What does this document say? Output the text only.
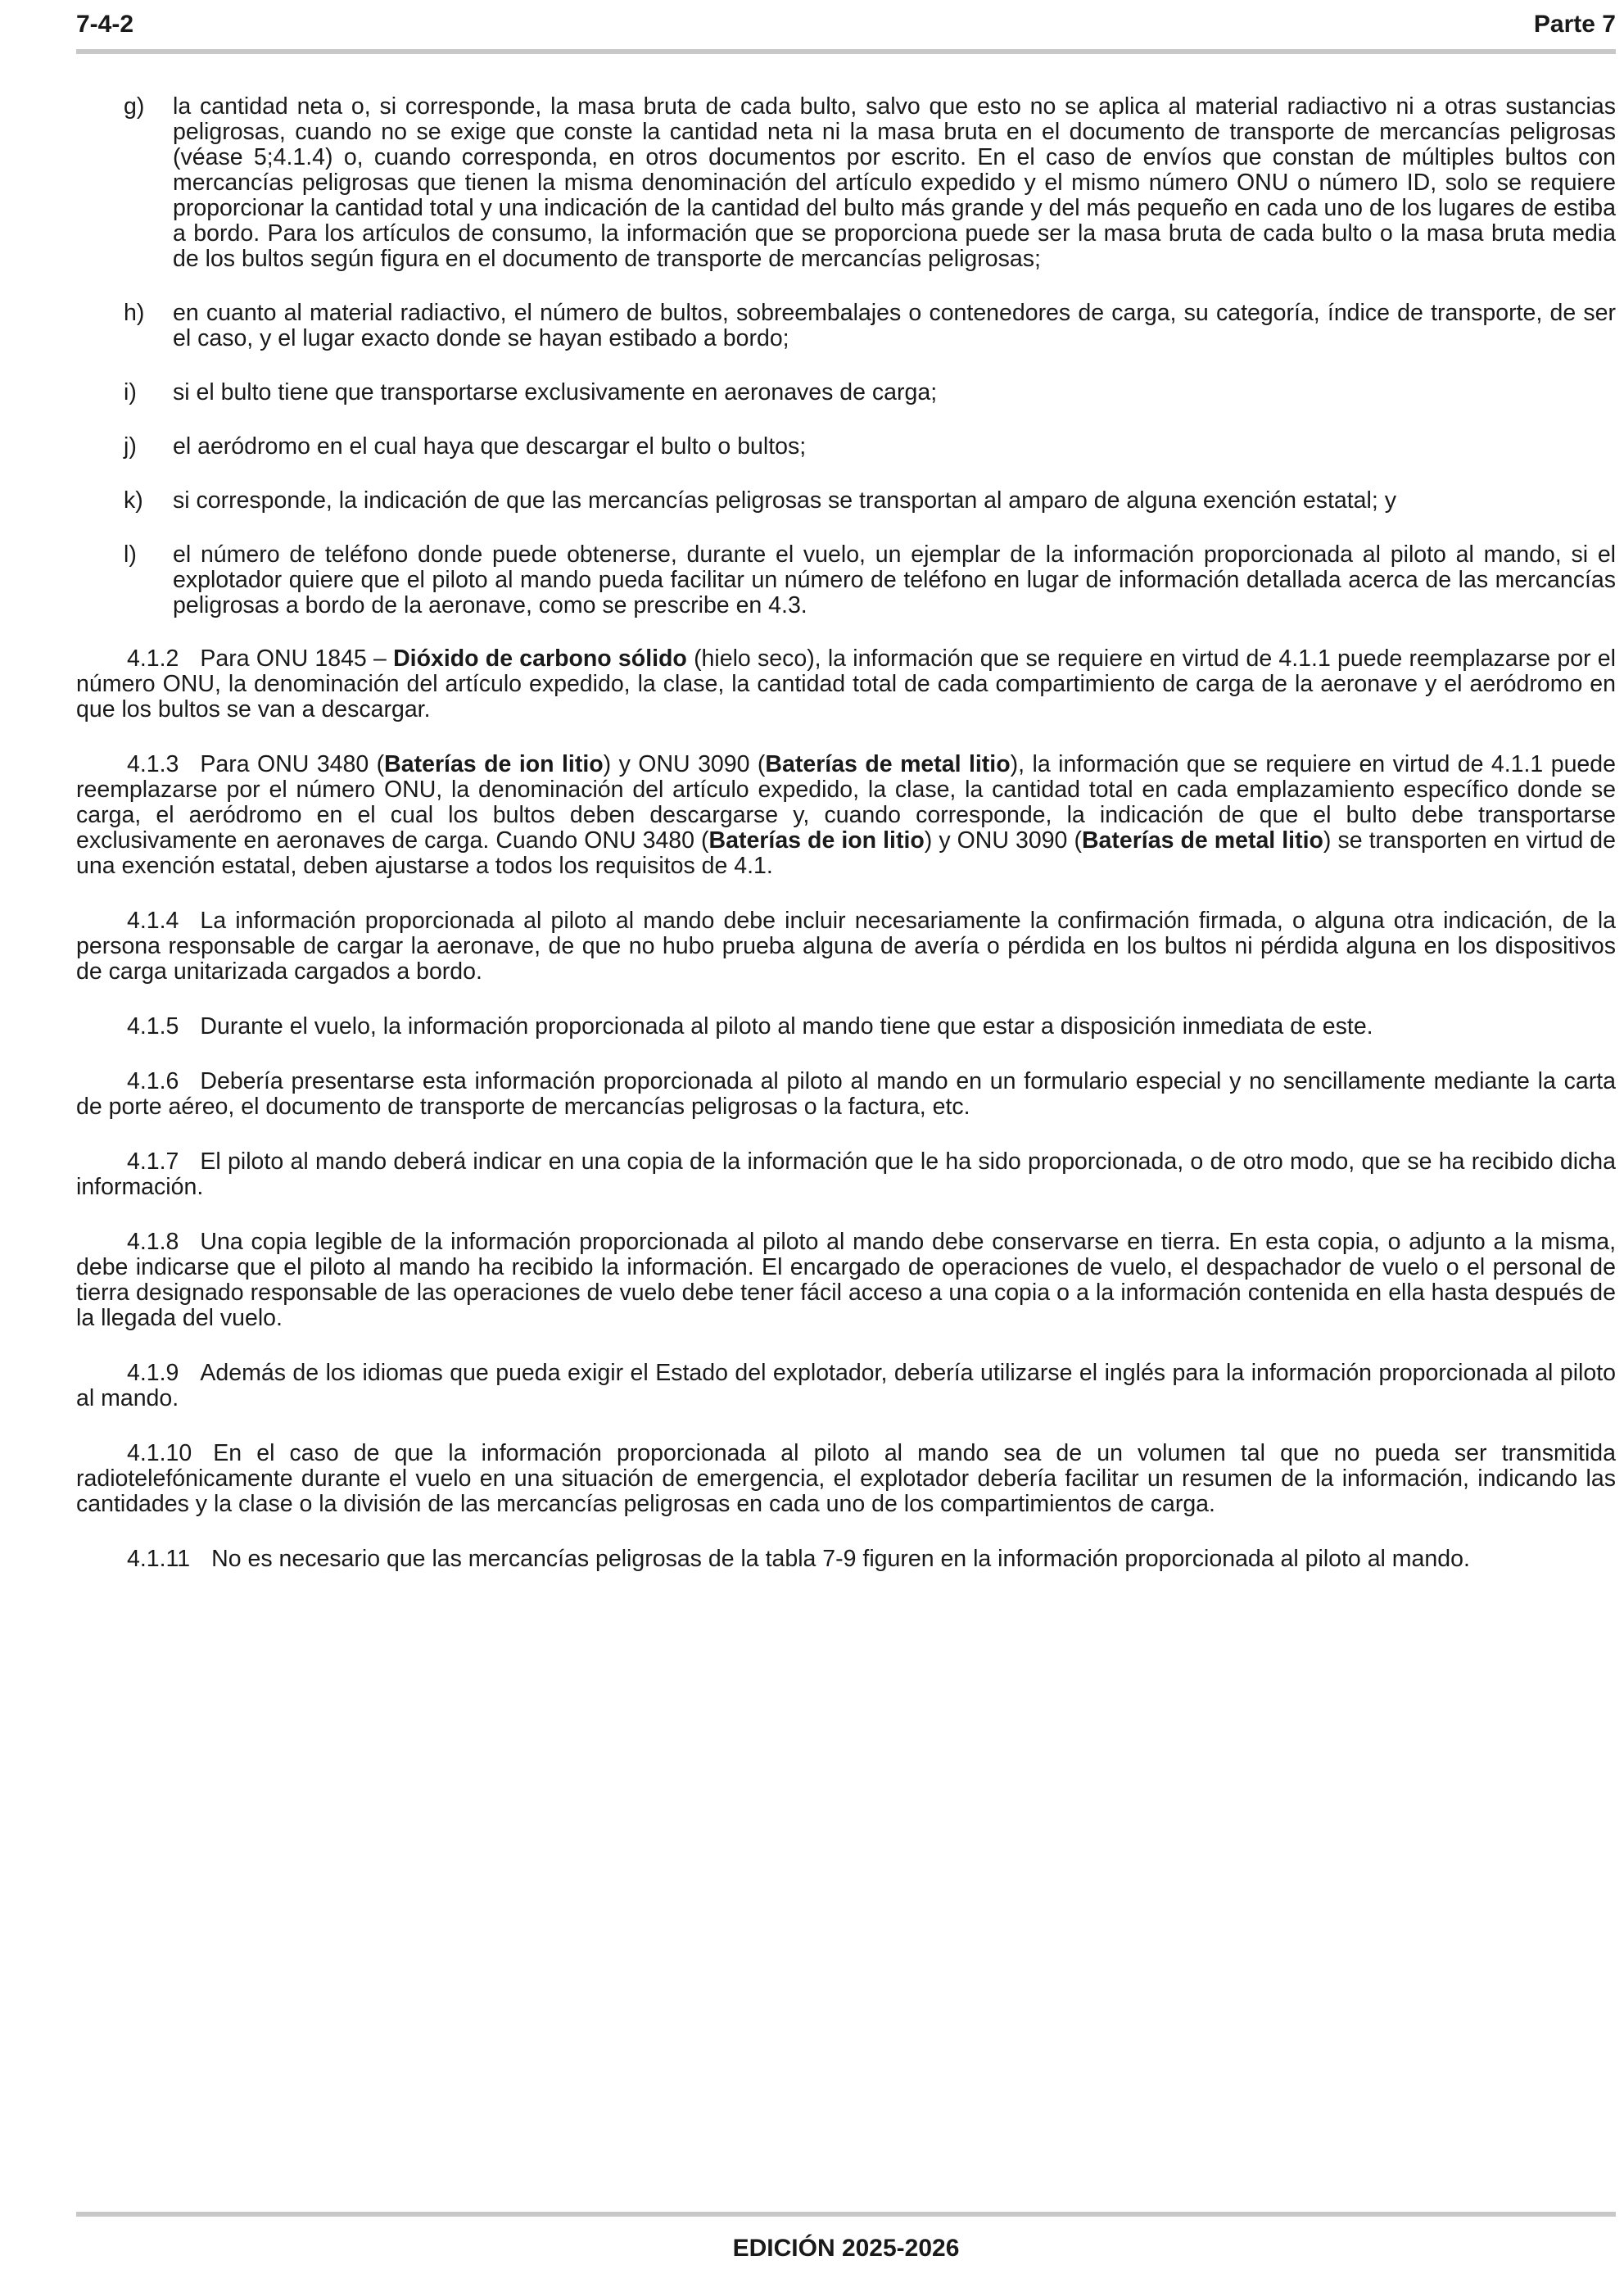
7-4-2	Parte 7
g) la cantidad neta o, si corresponde, la masa bruta de cada bulto, salvo que esto no se aplica al material radiactivo ni a otras sustancias peligrosas, cuando no se exige que conste la cantidad neta ni la masa bruta en el documento de transporte de mercancías peligrosas (véase 5;4.1.4) o, cuando corresponda, en otros documentos por escrito. En el caso de envíos que constan de múltiples bultos con mercancías peligrosas que tienen la misma denominación del artículo expedido y el mismo número ONU o número ID, solo se requiere proporcionar la cantidad total y una indicación de la cantidad del bulto más grande y del más pequeño en cada uno de los lugares de estiba a bordo. Para los artículos de consumo, la información que se proporciona puede ser la masa bruta de cada bulto o la masa bruta media de los bultos según figura en el documento de transporte de mercancías peligrosas;
h) en cuanto al material radiactivo, el número de bultos, sobreembalajes o contenedores de carga, su categoría, índice de transporte, de ser el caso, y el lugar exacto donde se hayan estibado a bordo;
i) si el bulto tiene que transportarse exclusivamente en aeronaves de carga;
j) el aeródromo en el cual haya que descargar el bulto o bultos;
k) si corresponde, la indicación de que las mercancías peligrosas se transportan al amparo de alguna exención estatal; y
l) el número de teléfono donde puede obtenerse, durante el vuelo, un ejemplar de la información proporcionada al piloto al mando, si el explotador quiere que el piloto al mando pueda facilitar un número de teléfono en lugar de información detallada acerca de las mercancías peligrosas a bordo de la aeronave, como se prescribe en 4.3.

4.1.2 Para ONU 1845 – Dióxido de carbono sólido (hielo seco), la información que se requiere en virtud de 4.1.1 puede reemplazarse por el número ONU, la denominación del artículo expedido, la clase, la cantidad total de cada compartimiento de carga de la aeronave y el aeródromo en que los bultos se van a descargar.

4.1.3 Para ONU 3480 (Baterías de ion litio) y ONU 3090 (Baterías de metal litio), la información que se requiere en virtud de 4.1.1 puede reemplazarse por el número ONU, la denominación del artículo expedido, la clase, la cantidad total en cada emplazamiento específico donde se carga, el aeródromo en el cual los bultos deben descargarse y, cuando corresponde, la indicación de que el bulto debe transportarse exclusivamente en aeronaves de carga. Cuando ONU 3480 (Baterías de ion litio) y ONU 3090 (Baterías de metal litio) se transporten en virtud de una exención estatal, deben ajustarse a todos los requisitos de 4.1.

4.1.4 La información proporcionada al piloto al mando debe incluir necesariamente la confirmación firmada, o alguna otra indicación, de la persona responsable de cargar la aeronave, de que no hubo prueba alguna de avería o pérdida en los bultos ni pérdida alguna en los dispositivos de carga unitarizada cargados a bordo.

4.1.5 Durante el vuelo, la información proporcionada al piloto al mando tiene que estar a disposición inmediata de este.

4.1.6 Debería presentarse esta información proporcionada al piloto al mando en un formulario especial y no sencillamente mediante la carta de porte aéreo, el documento de transporte de mercancías peligrosas o la factura, etc.

4.1.7 El piloto al mando deberá indicar en una copia de la información que le ha sido proporcionada, o de otro modo, que se ha recibido dicha información.

4.1.8 Una copia legible de la información proporcionada al piloto al mando debe conservarse en tierra. En esta copia, o adjunto a la misma, debe indicarse que el piloto al mando ha recibido la información. El encargado de operaciones de vuelo, el despachador de vuelo o el personal de tierra designado responsable de las operaciones de vuelo debe tener fácil acceso a una copia o a la información contenida en ella hasta después de la llegada del vuelo.

4.1.9 Además de los idiomas que pueda exigir el Estado del explotador, debería utilizarse el inglés para la información proporcionada al piloto al mando.

4.1.10 En el caso de que la información proporcionada al piloto al mando sea de un volumen tal que no pueda ser transmitida radiotelefónicamente durante el vuelo en una situación de emergencia, el explotador debería facilitar un resumen de la información, indicando las cantidades y la clase o la división de las mercancías peligrosas en cada uno de los compartimientos de carga.

4.1.11 No es necesario que las mercancías peligrosas de la tabla 7-9 figuren en la información proporcionada al piloto al mando.

EDICIÓN 2025-2026
